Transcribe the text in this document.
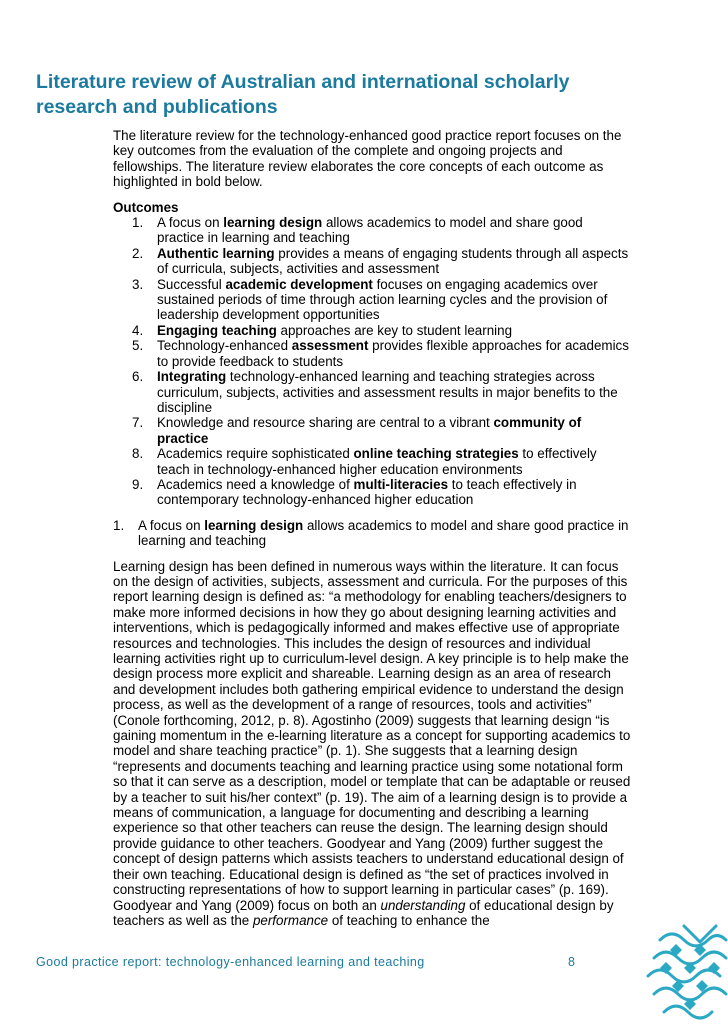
Literature review of Australian and international scholarly research and publications

The literature review for the technology-enhanced good practice report focuses on the key outcomes from the evaluation of the complete and ongoing projects and fellowships. The literature review elaborates the core concepts of each outcome as highlighted in bold below.

Outcomes

1. A focus on learning design allows academics to model and share good practice in learning and teaching
2. Authentic learning provides a means of engaging students through all aspects of curricula, subjects, activities and assessment
3. Successful academic development focuses on engaging academics over sustained periods of time through action learning cycles and the provision of leadership development opportunities
4. Engaging teaching approaches are key to student learning
5. Technology-enhanced assessment provides flexible approaches for academics to provide feedback to students
6. Integrating technology-enhanced learning and teaching strategies across curriculum, subjects, activities and assessment results in major benefits to the discipline
7. Knowledge and resource sharing are central to a vibrant community of practice
8. Academics require sophisticated online teaching strategies to effectively teach in technology-enhanced higher education environments
9. Academics need a knowledge of multi-literacies to teach effectively in contemporary technology-enhanced higher education
1. A focus on learning design allows academics to model and share good practice in learning and teaching

Learning design has been defined in numerous ways within the literature. It can focus on the design of activities, subjects, assessment and curricula. For the purposes of this report learning design is defined as: “a methodology for enabling teachers/designers to make more informed decisions in how they go about designing learning activities and interventions, which is pedagogically informed and makes effective use of appropriate resources and technologies. This includes the design of resources and individual learning activities right up to curriculum-level design. A key principle is to help make the design process more explicit and shareable. Learning design as an area of research and development includes both gathering empirical evidence to understand the design process, as well as the development of a range of resources, tools and activities” (Conole forthcoming, 2012, p. 8). Agostinho (2009) suggests that learning design “is gaining momentum in the e-learning literature as a concept for supporting academics to model and share teaching practice” (p. 1). She suggests that a learning design “represents and documents teaching and learning practice using some notational form so that it can serve as a description, model or template that can be adaptable or reused by a teacher to suit his/her context” (p. 19). The aim of a learning design is to provide a means of communication, a language for documenting and describing a learning experience so that other teachers can reuse the design. The learning design should provide guidance to other teachers. Goodyear and Yang (2009) further suggest the concept of design patterns which assists teachers to understand educational design of their own teaching. Educational design is defined as “the set of practices involved in constructing representations of how to support learning in particular cases” (p. 169). Goodyear and Yang (2009) focus on both an understanding of educational design by teachers as well as the performance of teaching to enhance the

Good practice report: technology-enhanced learning and teaching	8
